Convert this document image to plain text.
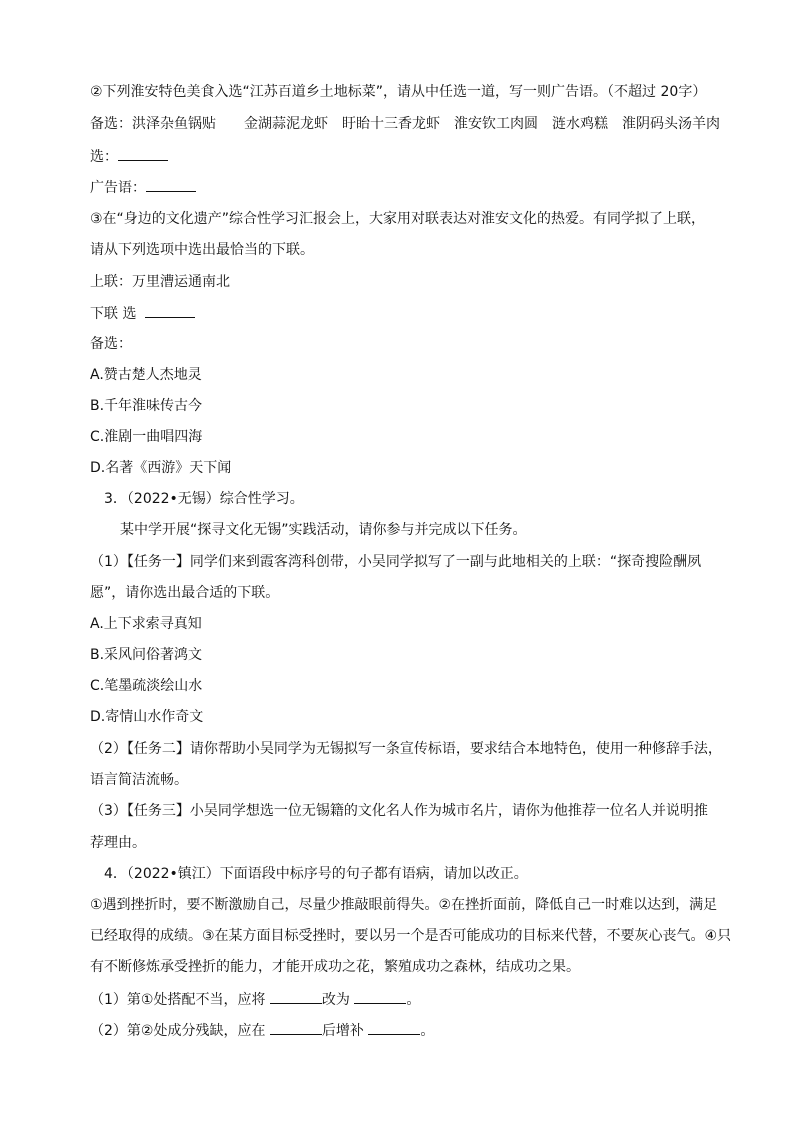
②下列淮安特色美食入选“江苏百道乡土地标菜”，请从中任选一道，写一则广告语。（不超过 20字）
备选：洪泽杂鱼锅贴 金湖蒜泥龙虾 盱眙十三香龙虾 淮安钦工肉圆 涟水鸡糕 淮阴码头汤羊肉
选：
广告语：
③在“身边的文化遗产”综合性学习汇报会上，大家用对联表达对淮安文化的热爱。有同学拟了上联，
请从下列选项中选出最恰当的下联。
上联：万里漕运通南北
下联 选
备选：
A.赞古楚人杰地灵
B.千年淮味传古今
C.淮剧一曲唱四海
D.名著《西游》天下闻
3．（2022•无锡）综合性学习。
某中学开展“探寻文化无锡”实践活动，请你参与并完成以下任务。
（1）【任务一】同学们来到霞客湾科创带，小吴同学拟写了一副与此地相关的上联：“探奇搜险酬夙
愿”，请你选出最合适的下联。
A.上下求索寻真知
B.采风问俗著鸿文
C.笔墨疏淡绘山水
D.寄情山水作奇文
（2）【任务二】请你帮助小吴同学为无锡拟写一条宣传标语，要求结合本地特色，使用一种修辞手法，
语言简洁流畅。
（3）【任务三】小吴同学想选一位无锡籍的文化名人作为城市名片，请你为他推荐一位名人并说明推
荐理由。
4．（2022•镇江）下面语段中标序号的句子都有语病，请加以改正。
①遇到挫折时，要不断激励自己，尽量少推敲眼前得失。②在挫折面前，降低自己一时难以达到，满足
已经取得的成绩。③在某方面目标受挫时，要以另一个是否可能成功的目标来代替，不要灰心丧气。④只
有不断修炼承受挫折的能力，才能开成功之花，繁殖成功之森林，结成功之果。
（1）第①处搭配不当，应将	改为	。
（2）第②处成分残缺，应在	后增补	。
